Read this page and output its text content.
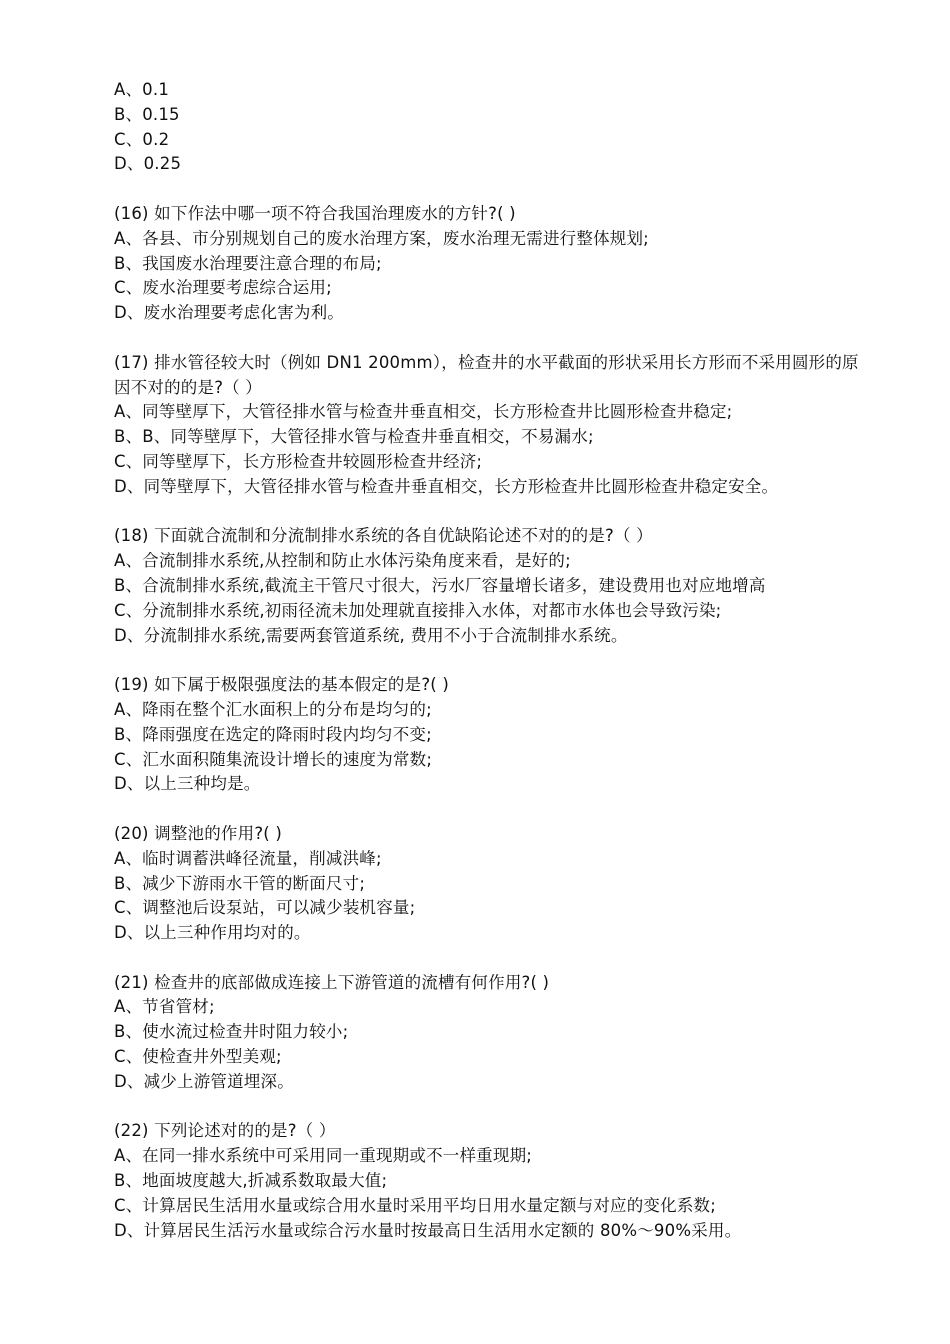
A、0.1
B、0.15
C、0.2
D、0.25
(16) 如下作法中哪一项不符合我国治理废水的方针?( )
A、各县、市分别规划自己的废水治理方案，废水治理无需进行整体规划;
B、我国废水治理要注意合理的布局;
C、废水治理要考虑综合运用;
D、废水治理要考虑化害为利。
(17) 排水管径较大时（例如 DN1 200mm），检查井的水平截面的形状采用长方形而不采用圆形的原
因不对的的是?（ ）
A、同等壁厚下，大管径排水管与检查井垂直相交，长方形检查井比圆形检查井稳定;
B、B、同等壁厚下，大管径排水管与检查井垂直相交，不易漏水;
C、同等壁厚下，长方形检查井较圆形检查井经济;
D、同等壁厚下，大管径排水管与检查井垂直相交，长方形检查井比圆形检查井稳定安全。
(18) 下面就合流制和分流制排水系统的各自优缺陷论述不对的的是?（ ）
A、合流制排水系统,从控制和防止水体污染角度来看，是好的;
B、合流制排水系统,截流主干管尺寸很大，污水厂容量增长诸多，建设费用也对应地增高
C、分流制排水系统,初雨径流未加处理就直接排入水体，对都市水体也会导致污染;
D、分流制排水系统,需要两套管道系统, 费用不小于合流制排水系统。
(19) 如下属于极限强度法的基本假定的是?( )
A、降雨在整个汇水面积上的分布是均匀的;
B、降雨强度在选定的降雨时段内均匀不变;
C、汇水面积随集流设计增长的速度为常数;
D、以上三种均是。
(20) 调整池的作用?( )
A、临时调蓄洪峰径流量，削减洪峰;
B、减少下游雨水干管的断面尺寸;
C、调整池后设泵站，可以减少装机容量;
D、以上三种作用均对的。
(21) 检查井的底部做成连接上下游管道的流槽有何作用?( )
A、节省管材;
B、使水流过检查井时阻力较小;
C、使检查井外型美观;
D、减少上游管道埋深。
(22) 下列论述对的的是?（ ）
A、在同一排水系统中可采用同一重现期或不一样重现期;
B、地面坡度越大,折减系数取最大值;
C、计算居民生活用水量或综合用水量时采用平均日用水量定额与对应的变化系数;
D、计算居民生活污水量或综合污水量时按最高日生活用水定额的 80%～90%采用。
